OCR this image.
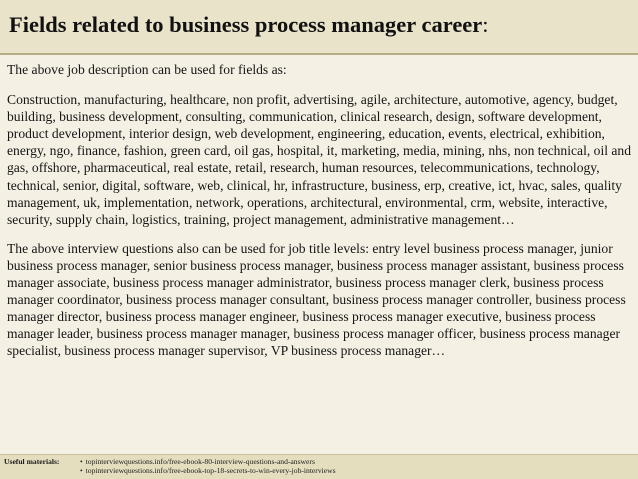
Fields related to business process manager career:

The above job description can be used for fields as:

Construction, manufacturing, healthcare, non profit, advertising, agile, architecture, automotive, agency, budget, building, business development, consulting, communication, clinical research, design, software development, product development, interior design, web development, engineering, education, events, electrical, exhibition, energy, ngo, finance, fashion, green card, oil gas, hospital, it, marketing, media, mining, nhs, non technical, oil and gas, offshore, pharmaceutical, real estate, retail, research, human resources, telecommunications, technology, technical, senior, digital, software, web, clinical, hr, infrastructure, business, erp, creative, ict, hvac, sales, quality management, uk, implementation, network, operations, architectural, environmental, crm, website, interactive, security, supply chain, logistics, training, project management, administrative management…

The above interview questions also can be used for job title levels: entry level business process manager, junior business process manager, senior business process manager, business process manager assistant, business process manager associate, business process manager administrator, business process manager clerk, business process manager coordinator, business process manager consultant, business process manager controller, business process manager director, business process manager engineer, business process manager executive, business process manager leader, business process manager manager, business process manager officer, business process manager specialist, business process manager supervisor, VP business process manager…

Useful materials:	• topinterviewquestions.info/free-ebook-80-interview-questions-and-answers
• topinterviewquestions.info/free-ebook-top-18-secrets-to-win-every-job-interviews
